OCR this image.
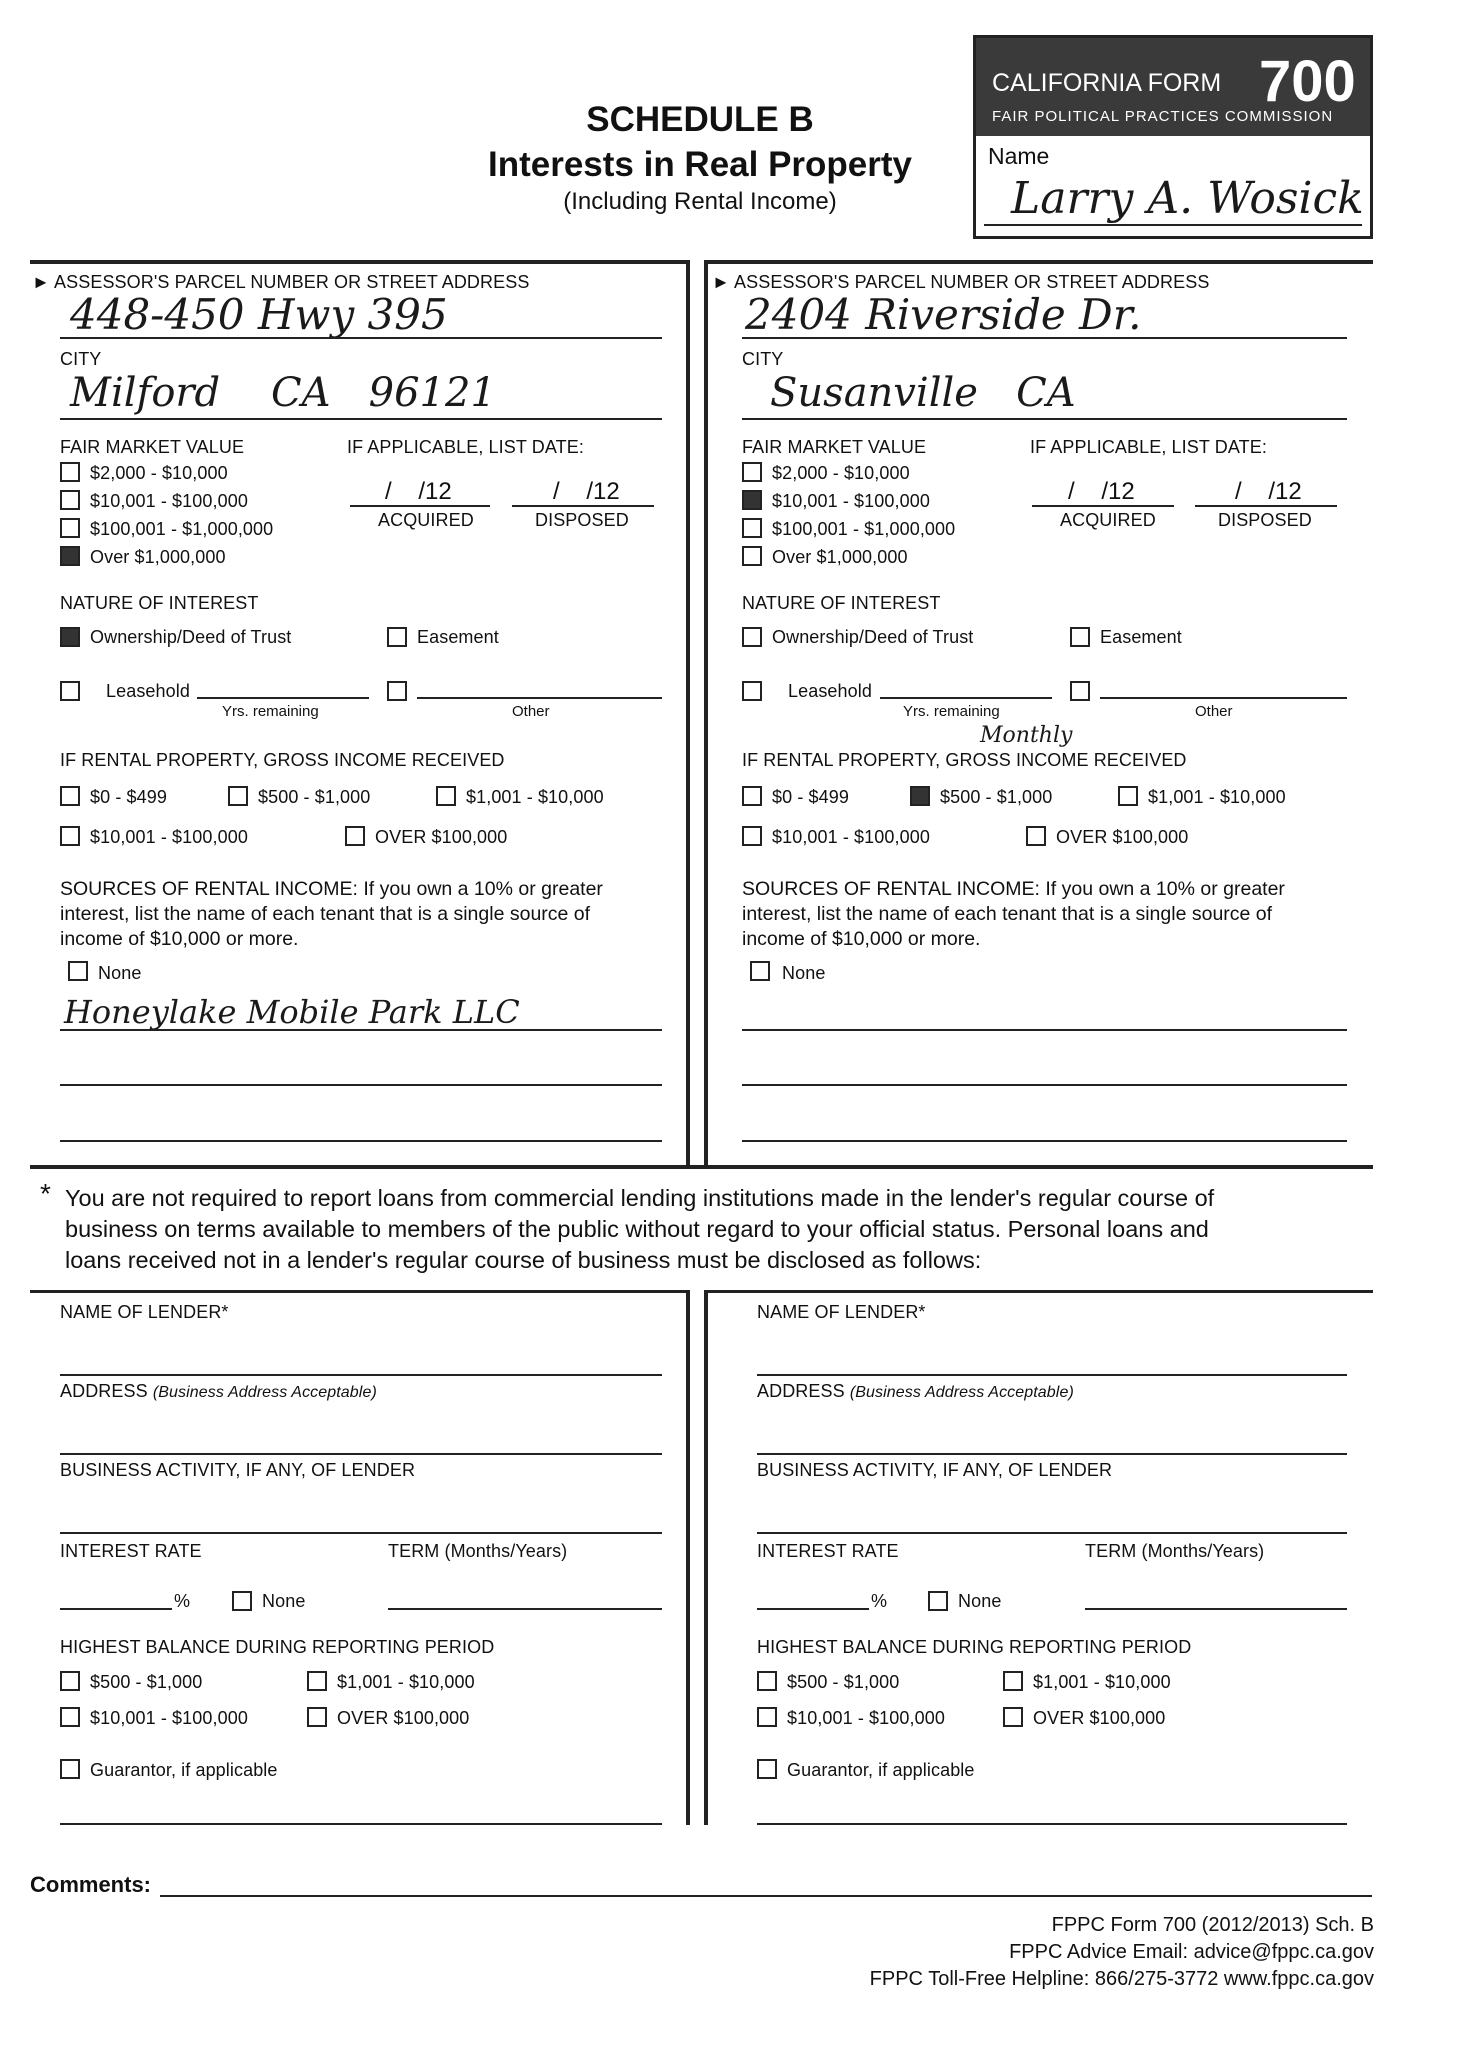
CALIFORNIA FORM 700
FAIR POLITICAL PRACTICES COMMISSION
Name
Larry A. Wosick
SCHEDULE B
Interests in Real Property
(Including Rental Income)
► ASSESSOR'S PARCEL NUMBER OR STREET ADDRESS
448-450 Hwy 395
CITY
Milford    CA   96121
FAIR MARKET VALUE	IF APPLICABLE, LIST DATE:
$2,000 - $10,000
$10,001 - $100,000
$100,001 - $1,000,000
Over $1,000,000
/    /12
ACQUIRED
/    /12
DISPOSED
NATURE OF INTEREST
Ownership/Deed of Trust	Easement
Leasehold
Yrs. remaining	Other
IF RENTAL PROPERTY, GROSS INCOME RECEIVED
$0 - $499	$500 - $1,000	$1,001 - $10,000
$10,001 - $100,000	OVER $100,000
SOURCES OF RENTAL INCOME: If you own a 10% or greater
interest, list the name of each tenant that is a single source of
income of $10,000 or more.
None
Honeylake Mobile Park LLC
► ASSESSOR'S PARCEL NUMBER OR STREET ADDRESS
2404 Riverside Dr.
CITY
Susanville   CA
FAIR MARKET VALUE	IF APPLICABLE, LIST DATE:
$2,000 - $10,000
$10,001 - $100,000
$100,001 - $1,000,000
Over $1,000,000
/    /12
ACQUIRED
/    /12
DISPOSED
NATURE OF INTEREST
Ownership/Deed of Trust	Easement
Leasehold
Yrs. remaining	Other
Monthly
IF RENTAL PROPERTY, GROSS INCOME RECEIVED
$0 - $499	$500 - $1,000	$1,001 - $10,000
$10,001 - $100,000	OVER $100,000
SOURCES OF RENTAL INCOME: If you own a 10% or greater
interest, list the name of each tenant that is a single source of
income of $10,000 or more.
None
* You are not required to report loans from commercial lending institutions made in the lender's regular course of
business on terms available to members of the public without regard to your official status. Personal loans and
loans received not in a lender's regular course of business must be disclosed as follows:
NAME OF LENDER*
ADDRESS (Business Address Acceptable)
BUSINESS ACTIVITY, IF ANY, OF LENDER
INTEREST RATE	TERM (Months/Years)
%	None
HIGHEST BALANCE DURING REPORTING PERIOD
$500 - $1,000	$1,001 - $10,000
$10,001 - $100,000	OVER $100,000
Guarantor, if applicable
NAME OF LENDER*
ADDRESS (Business Address Acceptable)
BUSINESS ACTIVITY, IF ANY, OF LENDER
INTEREST RATE	TERM (Months/Years)
%	None
HIGHEST BALANCE DURING REPORTING PERIOD
$500 - $1,000	$1,001 - $10,000
$10,001 - $100,000	OVER $100,000
Guarantor, if applicable
Comments:
FPPC Form 700 (2012/2013) Sch. B
FPPC Advice Email: advice@fppc.ca.gov
FPPC Toll-Free Helpline: 866/275-3772 www.fppc.ca.gov
